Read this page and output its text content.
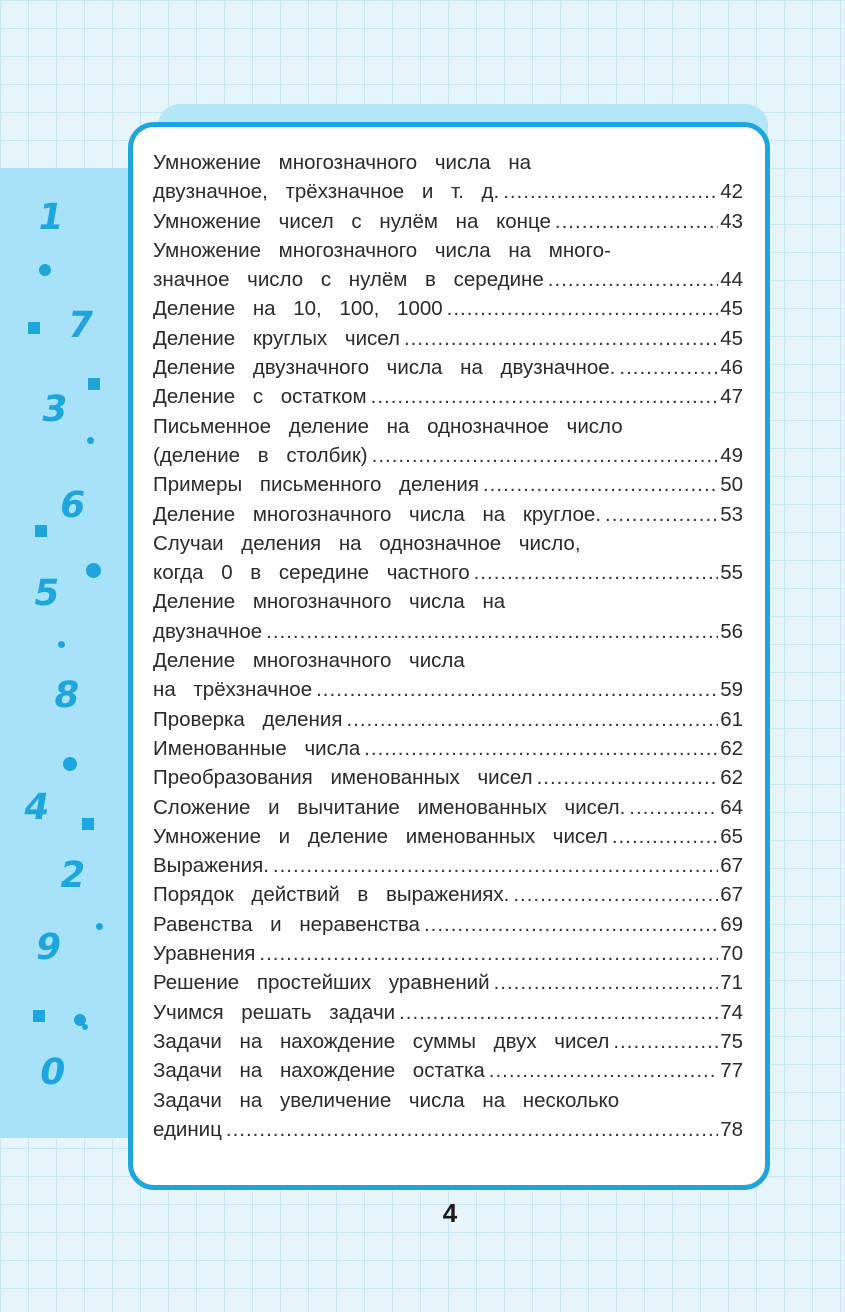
1
7
3
6
5
8
4
2
9
0
Умножение многозначного числа на
двузначное, трёхзначное и т. д. .....	42
Умножение чисел с нулём на конце .....	43
Умножение многозначного числа на много-
значное число с нулём в середине .....	44
Деление на 10, 100, 1000 .....	45
Деление круглых чисел .....	45
Деление двузначного числа на двузначное. .....	46
Деление с остатком .....	47
Письменное деление на однозначное число
(деление в столбик) .....	49
Примеры письменного деления .....	50
Деление многозначного числа на круглое. .....	53
Случаи деления на однозначное число,
когда 0 в середине частного .....	55
Деление многозначного числа на
двузначное .....	56
Деление многозначного числа
на трёхзначное .....	59
Проверка деления .....	61
Именованные числа .....	62
Преобразования именованных чисел .....	62
Сложение и вычитание именованных чисел. .....	64
Умножение и деление именованных чисел .....	65
Выражения. .....	67
Порядок действий в выражениях. .....	67
Равенства и неравенства .....	69
Уравнения .....	70
Решение простейших уравнений .....	71
Учимся решать задачи .....	74
Задачи на нахождение суммы двух чисел .....	75
Задачи на нахождение остатка .....	77
Задачи на увеличение числа на несколько
единиц .....	78
4
